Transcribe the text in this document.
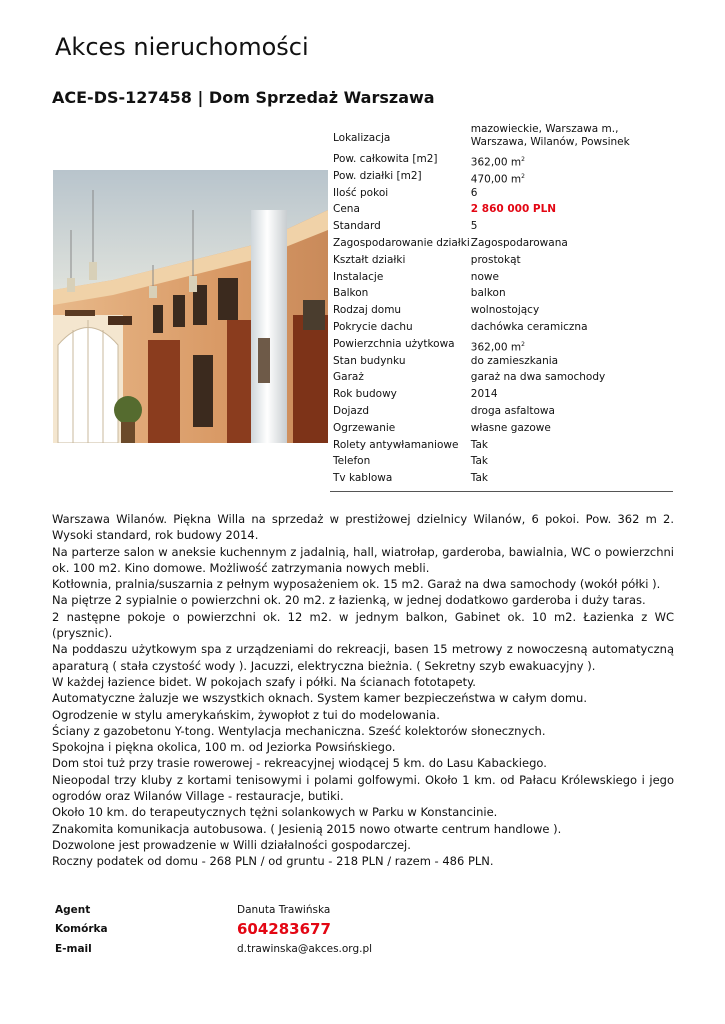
Akces nieruchomości
ACE-DS-127458 | Dom Sprzedaż Warszawa
Lokalizacja	mazowieckie, Warszawa m., Warszawa, Wilanów, Powsinek
Pow. całkowita [m2]	362,00 $m^2$
Pow. działki [m2]	470,00 $m^2$
Ilość pokoi	6
Cena	2 860 000 PLN
Standard	5
Zagospodarowanie działki	Zagospodarowana
Kształt działki	prostokąt
Instalacje	nowe
Balkon	balkon
Rodzaj domu	wolnostojący
Pokrycie dachu	dachówka ceramiczna
Powierzchnia użytkowa	362,00 $m^2$
Stan budynku	do zamieszkania
Garaż	garaż na dwa samochody
Rok budowy	2014
Dojazd	droga asfaltowa
Ogrzewanie	własne gazowe
Rolety antywłamaniowe	Tak
Telefon	Tak
Tv kablowa	Tak

Warszawa Wilanów. Piękna Willa na sprzedaż w prestiżowej dzielnicy Wilanów, 6 pokoi. Pow. 362 m 2. Wysoki standard, rok budowy 2014.

Na parterze salon w aneksie kuchennym z jadalnią, hall, wiatrołap, garderoba, bawialnia, WC o powierzchni ok. 100 m2. Kino domowe. Możliwość zatrzymania nowych mebli.

Kotłownia, pralnia/suszarnia z pełnym wyposażeniem ok. 15 m2. Garaż na dwa samochody (wokół półki ).

Na piętrze 2 sypialnie o powierzchni ok. 20 m2. z łazienką, w jednej dodatkowo garderoba i duży taras.

2 następne pokoje o powierzchni ok. 12 m2. w jednym balkon, Gabinet ok. 10 m2. Łazienka z WC (prysznic).

Na poddaszu użytkowym spa z urządzeniami do rekreacji, basen 15 metrowy z nowoczesną automatyczną aparaturą ( stała czystość wody ). Jacuzzi, elektryczna bieżnia. ( Sekretny szyb ewakuacyjny ).

W każdej łazience bidet. W pokojach szafy i półki. Na ścianach fototapety.

Automatyczne żaluzje we wszystkich oknach. System kamer bezpieczeństwa w całym domu.

Ogrodzenie w stylu amerykańskim, żywopłot z tui do modelowania.

Ściany z gazobetonu Y-tong. Wentylacja mechaniczna. Sześć kolektorów słonecznych.

Spokojna i piękna okolica, 100 m. od Jeziorka Powsińskiego.

Dom stoi tuż przy trasie rowerowej - rekreacyjnej wiodącej 5 km. do Lasu Kabackiego.

Nieopodal trzy kluby z kortami tenisowymi i polami golfowymi. Około 1 km. od Pałacu Królewskiego i jego ogrodów oraz Wilanów Village - restauracje, butiki.

Około 10 km. do terapeutycznych tężni solankowych w Parku w Konstancinie.

Znakomita komunikacja autobusowa. ( Jesienią 2015 nowo otwarte centrum handlowe ).

Dozwolone jest prowadzenie w Willi działalności gospodarczej.

Roczny podatek od domu - 268 PLN / od gruntu - 218 PLN / razem - 486 PLN.

Agent	Danuta Trawińska
Komórka	604283677
E-mail	d.trawinska@akces.org.pl
